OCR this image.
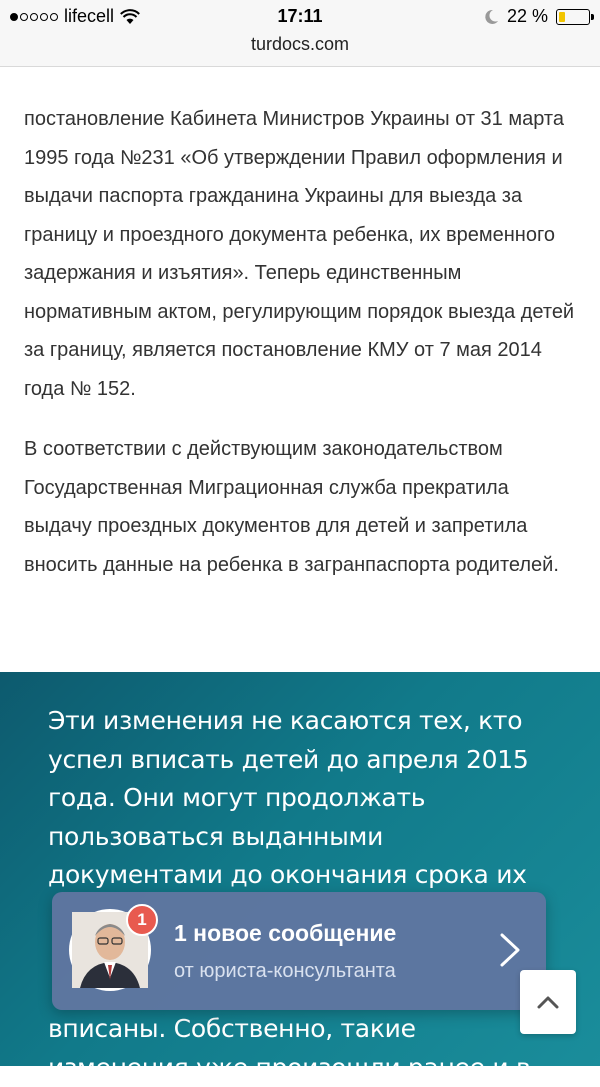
lifecell	17:11	22 %
turdocs.com

постановление Кабинета Министров Украины от 31 марта 1995 года №231 «Об утверждении Правил оформления и выдачи паспорта гражданина Украины для выезда за границу и проездного документа ребенка, их временного задержания и изъятия». Теперь единственным нормативным актом, регулирующим порядок выезда детей за границу, является постановление КМУ от 7 мая 2014 года № 152.

В соответствии с действующим законодательством Государственная Миграционная служба прекратила выдачу проездных документов для детей и запретила вносить данные на ребенка в загранпаспорта родителей.

Эти изменения не касаются тех, кто
успел вписать детей до апреля 2015
года. Они могут продолжать
пользоваться выданными
документами до окончания срока их
вписаны. Собственно, такие
изменения уже произошли ранее и в
1 новое сообщение
от юриста-консультанта
1
